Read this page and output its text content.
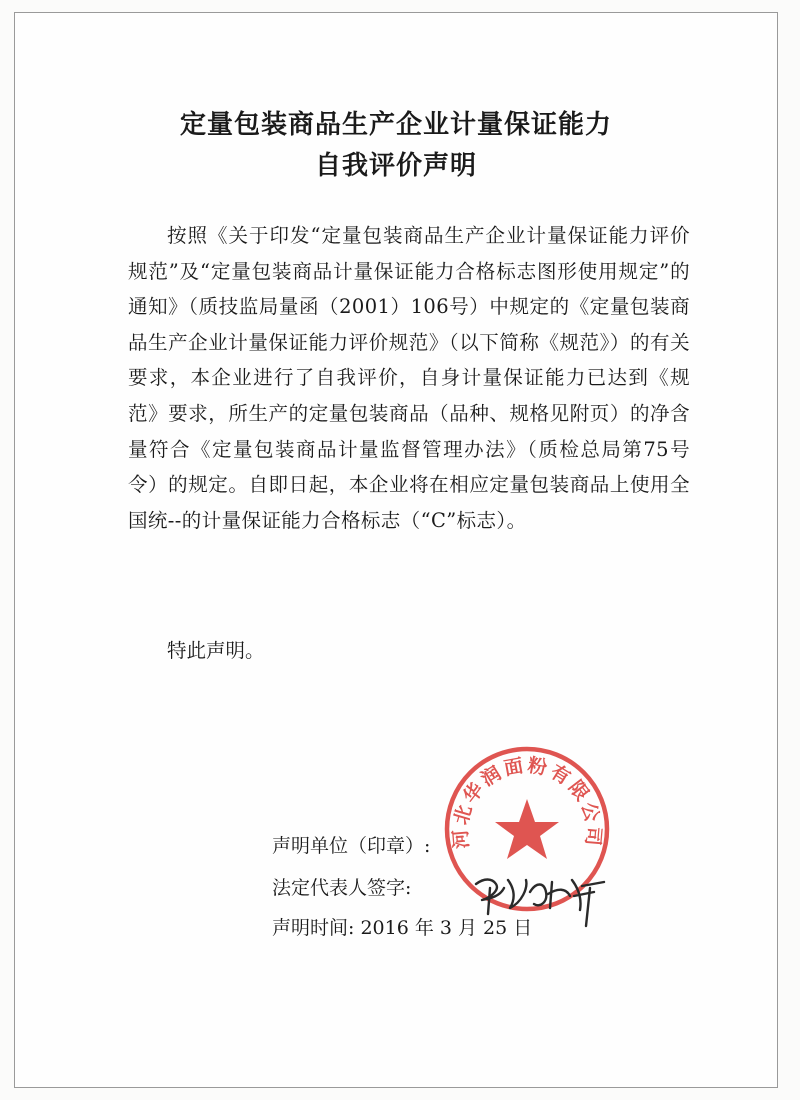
定量包装商品生产企业计量保证能力
自我评价声明

按照《关于印发“定量包装商品生产企业计量保证能力评价规范”及“定量包装商品计量保证能力合格标志图形使用规定”的通知》（质技监局量函（2001）106号）中规定的《定量包装商品生产企业计量保证能力评价规范》（以下简称《规范》）的有关要求，本企业进行了自我评价，自身计量保证能力已达到《规范》要求，所生产的定量包装商品（品种、规格见附页）的净含量符合《定量包装商品计量监督管理办法》（质检总局第75号令）的规定。自即日起，本企业将在相应定量包装商品上使用全国统--的计量保证能力合格标志（“C”标志）。

特此声明。

声明单位（印章）:

法定代表人签字:

声明时间: 2016 年 3 月 25 日

河北华润面粉有限公司
